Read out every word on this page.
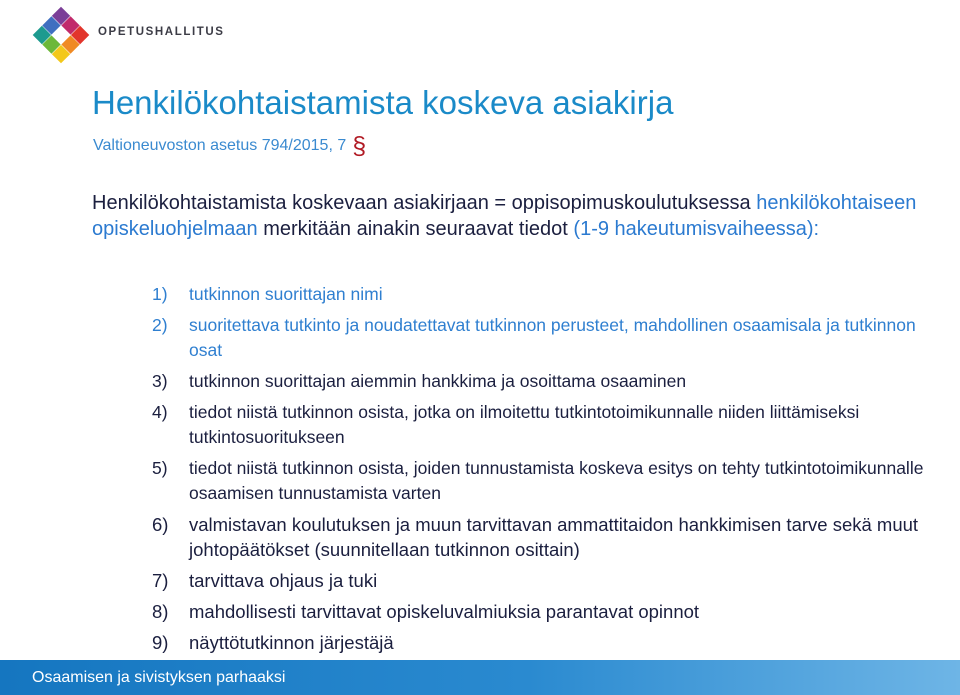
OPETUSHALLITUS
Henkilökohtaistamista koskeva asiakirja
Valtioneuvoston asetus 794/2015, 7 §
Henkilökohtaistamista koskevaan asiakirjaan = oppisopimuskoulutuksessa henkilökohtaiseen opiskeluohjelmaan merkitään ainakin seuraavat tiedot (1-9 hakeutumisvaiheessa):
1) tutkinnon suorittajan nimi
2) suoritettava tutkinto ja noudatettavat tutkinnon perusteet, mahdollinen osaamisala ja tutkinnon osat
3) tutkinnon suorittajan aiemmin hankkima ja osoittama osaaminen
4) tiedot niistä tutkinnon osista, jotka on ilmoitettu tutkintotoimikunnalle niiden liittämiseksi tutkintosuoritukseen
5) tiedot niistä tutkinnon osista, joiden tunnustamista koskeva esitys on tehty tutkintotoimikunnalle osaamisen tunnustamista varten
6) valmistavan koulutuksen ja muun tarvittavan ammattitaidon hankkimisen tarve sekä muut johtopäätökset (suunnitellaan tutkinnon osittain)
7) tarvittava ohjaus ja tuki
8) mahdollisesti tarvittavat opiskeluvalmiuksia parantavat opinnot
9) näyttötutkinnon järjestäjä
Osaamisen ja sivistyksen parhaaksi
